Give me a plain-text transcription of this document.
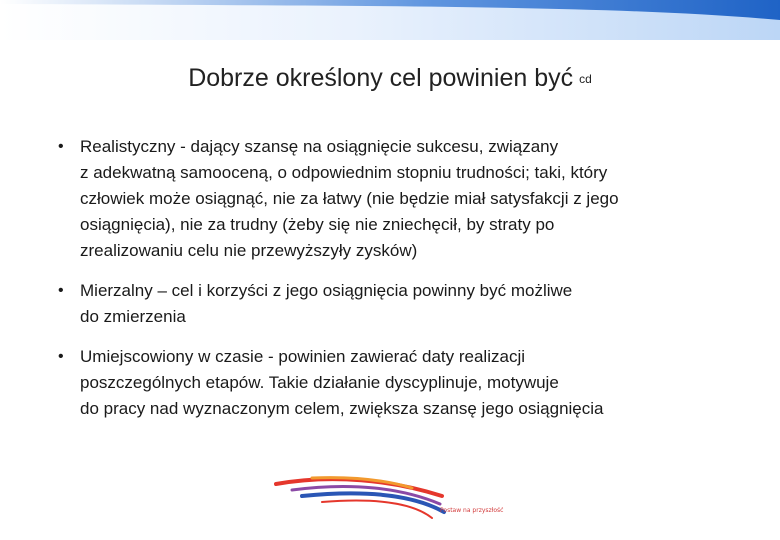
Dobrze określony cel powinien być cd
• Realistyczny - dający szansę na osiągnięcie sukcesu, związany
z adekwatną samooceną, o odpowiednim stopniu trudności; taki, który
człowiek może osiągnąć, nie za łatwy (nie będzie miał satysfakcji z jego
osiągnięcia), nie za trudny (żeby się nie zniechęcił, by straty po
zrealizowaniu celu nie przewyższyły zysków)
• Mierzalny – cel i korzyści z jego osiągnięcia powinny być możliwe
do zmierzenia
• Umiejscowiony w czasie - powinien zawierać daty realizacji
poszczególnych etapów. Takie działanie dyscyplinuje, motywuje
do pracy nad wyznaczonym celem, zwiększa szansę jego osiągnięcia
Postaw na przyszłość
